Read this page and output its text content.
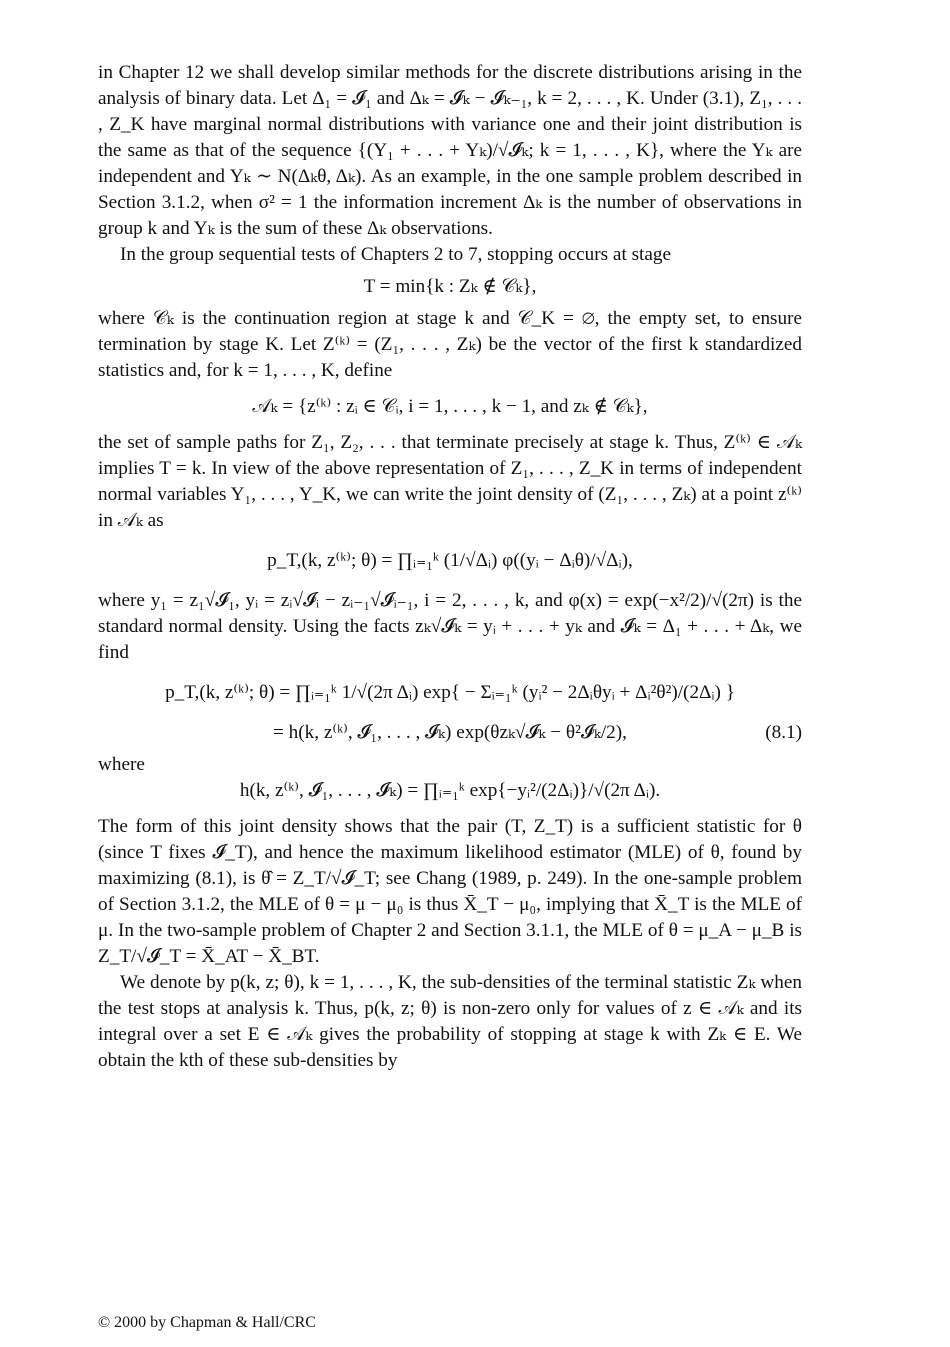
in Chapter 12 we shall develop similar methods for the discrete distributions arising in the analysis of binary data. Let Δ₁ = 𝓘₁ and Δₖ = 𝓘ₖ − 𝓘ₖ₋₁, k = 2, . . . , K. Under (3.1), Z₁, . . . , Z_K have marginal normal distributions with variance one and their joint distribution is the same as that of the sequence {(Y₁ + . . . + Yₖ)/√𝓘ₖ; k = 1, . . . , K}, where the Yₖ are independent and Yₖ ∼ N(Δₖθ, Δₖ). As an example, in the one sample problem described in Section 3.1.2, when σ² = 1 the information increment Δₖ is the number of observations in group k and Yₖ is the sum of these Δₖ observations.

In the group sequential tests of Chapters 2 to 7, stopping occurs at stage

T = min{k : Zₖ ∉ 𝒞ₖ},

where 𝒞ₖ is the continuation region at stage k and 𝒞_K = ∅, the empty set, to ensure termination by stage K. Let Z⁽ᵏ⁾ = (Z₁, . . . , Zₖ) be the vector of the first k standardized statistics and, for k = 1, . . . , K, define

𝒜ₖ = {z⁽ᵏ⁾ : zᵢ ∈ 𝒞ᵢ, i = 1, . . . , k − 1, and zₖ ∉ 𝒞ₖ},

the set of sample paths for Z₁, Z₂, . . . that terminate precisely at stage k. Thus, Z⁽ᵏ⁾ ∈ 𝒜ₖ implies T = k. In view of the above representation of Z₁, . . . , Z_K in terms of independent normal variables Y₁, . . . , Y_K, we can write the joint density of (Z₁, . . . , Zₖ) at a point z⁽ᵏ⁾ in 𝒜ₖ as

p_T,(k, z⁽ᵏ⁾; θ) = ∏ᵢ₌₁ᵏ (1/√Δᵢ) φ((yᵢ − Δᵢθ)/√Δᵢ),

where y₁ = z₁√𝓘₁, yᵢ = zᵢ√𝓘ᵢ − zᵢ₋₁√𝓘ᵢ₋₁, i = 2, . . . , k, and φ(x) = exp(−x²/2)/√(2π) is the standard normal density. Using the facts zₖ√𝓘ₖ = yᵢ + . . . + yₖ and 𝓘ₖ = Δ₁ + . . . + Δₖ, we find

p_T,(k, z⁽ᵏ⁾; θ) = ∏ᵢ₌₁ᵏ 1/√(2π Δᵢ) exp{ − Σᵢ₌₁ᵏ (yᵢ² − 2Δᵢθyᵢ + Δᵢ²θ²)/(2Δᵢ) }

= h(k, z⁽ᵏ⁾, 𝓘₁, . . . , 𝓘ₖ) exp(θzₖ√𝓘ₖ − θ²𝓘ₖ/2),	(8.1)

where

h(k, z⁽ᵏ⁾, 𝓘₁, . . . , 𝓘ₖ) = ∏ᵢ₌₁ᵏ exp{−yᵢ²/(2Δᵢ)}/√(2π Δᵢ).

The form of this joint density shows that the pair (T, Z_T) is a sufficient statistic for θ (since T fixes 𝓘_T), and hence the maximum likelihood estimator (MLE) of θ, found by maximizing (8.1), is θ̂ = Z_T/√𝓘_T; see Chang (1989, p. 249). In the one-sample problem of Section 3.1.2, the MLE of θ = μ − μ₀ is thus X̄_T − μ₀, implying that X̄_T is the MLE of μ. In the two-sample problem of Chapter 2 and Section 3.1.1, the MLE of θ = μ_A − μ_B is Z_T/√𝓘_T = X̄_AT − X̄_BT.

We denote by p(k, z; θ), k = 1, . . . , K, the sub-densities of the terminal statistic Zₖ when the test stops at analysis k. Thus, p(k, z; θ) is non-zero only for values of z ∈ 𝒜ₖ and its integral over a set E ∈ 𝒜ₖ gives the probability of stopping at stage k with Zₖ ∈ E. We obtain the kth of these sub-densities by

© 2000 by Chapman & Hall/CRC
